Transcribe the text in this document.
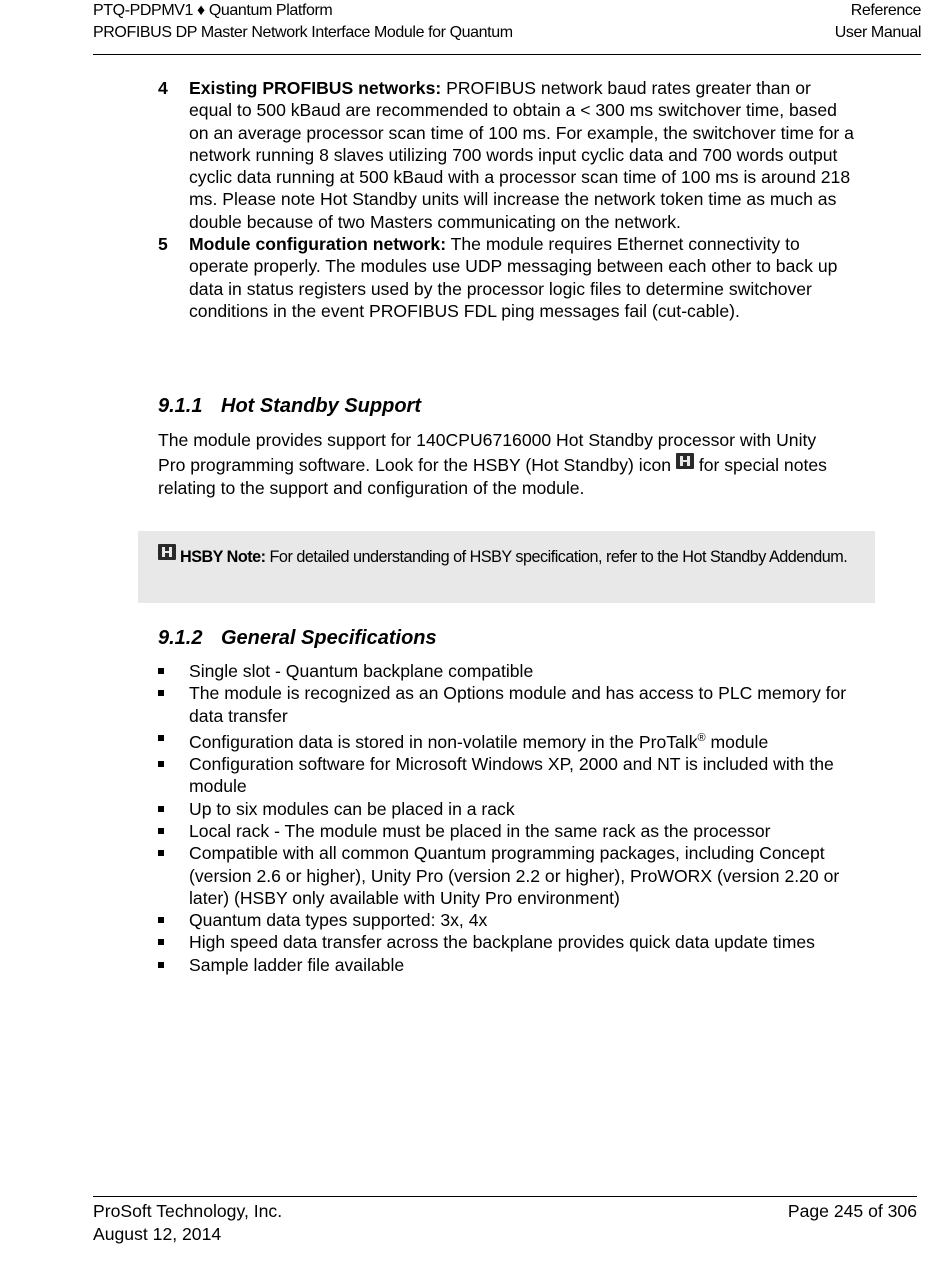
PTQ-PDPMV1 ♦ Quantum Platform
PROFIBUS DP Master Network Interface Module for Quantum
Reference
User Manual
4 Existing PROFIBUS networks: PROFIBUS network baud rates greater than or equal to 500 kBaud are recommended to obtain a < 300 ms switchover time, based on an average processor scan time of 100 ms. For example, the switchover time for a network running 8 slaves utilizing 700 words input cyclic data and 700 words output cyclic data running at 500 kBaud with a processor scan time of 100 ms is around 218 ms. Please note Hot Standby units will increase the network token time as much as double because of two Masters communicating on the network.
5 Module configuration network: The module requires Ethernet connectivity to operate properly. The modules use UDP messaging between each other to back up data in status registers used by the processor logic files to determine switchover conditions in the event PROFIBUS FDL ping messages fail (cut-cable).
9.1.1 Hot Standby Support

The module provides support for 140CPU6716000 Hot Standby processor with Unity Pro programming software. Look for the HSBY (Hot Standby) icon for special notes relating to the support and configuration of the module.

HSBY Note: For detailed understanding of HSBY specification, refer to the Hot Standby Addendum.
9.1.2 General Specifications
Single slot - Quantum backplane compatible
The module is recognized as an Options module and has access to PLC memory for data transfer
Configuration data is stored in non-volatile memory in the ProTalk® module
Configuration software for Microsoft Windows XP, 2000 and NT is included with the module
Up to six modules can be placed in a rack
Local rack - The module must be placed in the same rack as the processor
Compatible with all common Quantum programming packages, including Concept (version 2.6 or higher), Unity Pro (version 2.2 or higher), ProWORX (version 2.20 or later) (HSBY only available with Unity Pro environment)
Quantum data types supported: 3x, 4x
High speed data transfer across the backplane provides quick data update times
Sample ladder file available
ProSoft Technology, Inc.
August 12, 2014
Page 245 of 306
